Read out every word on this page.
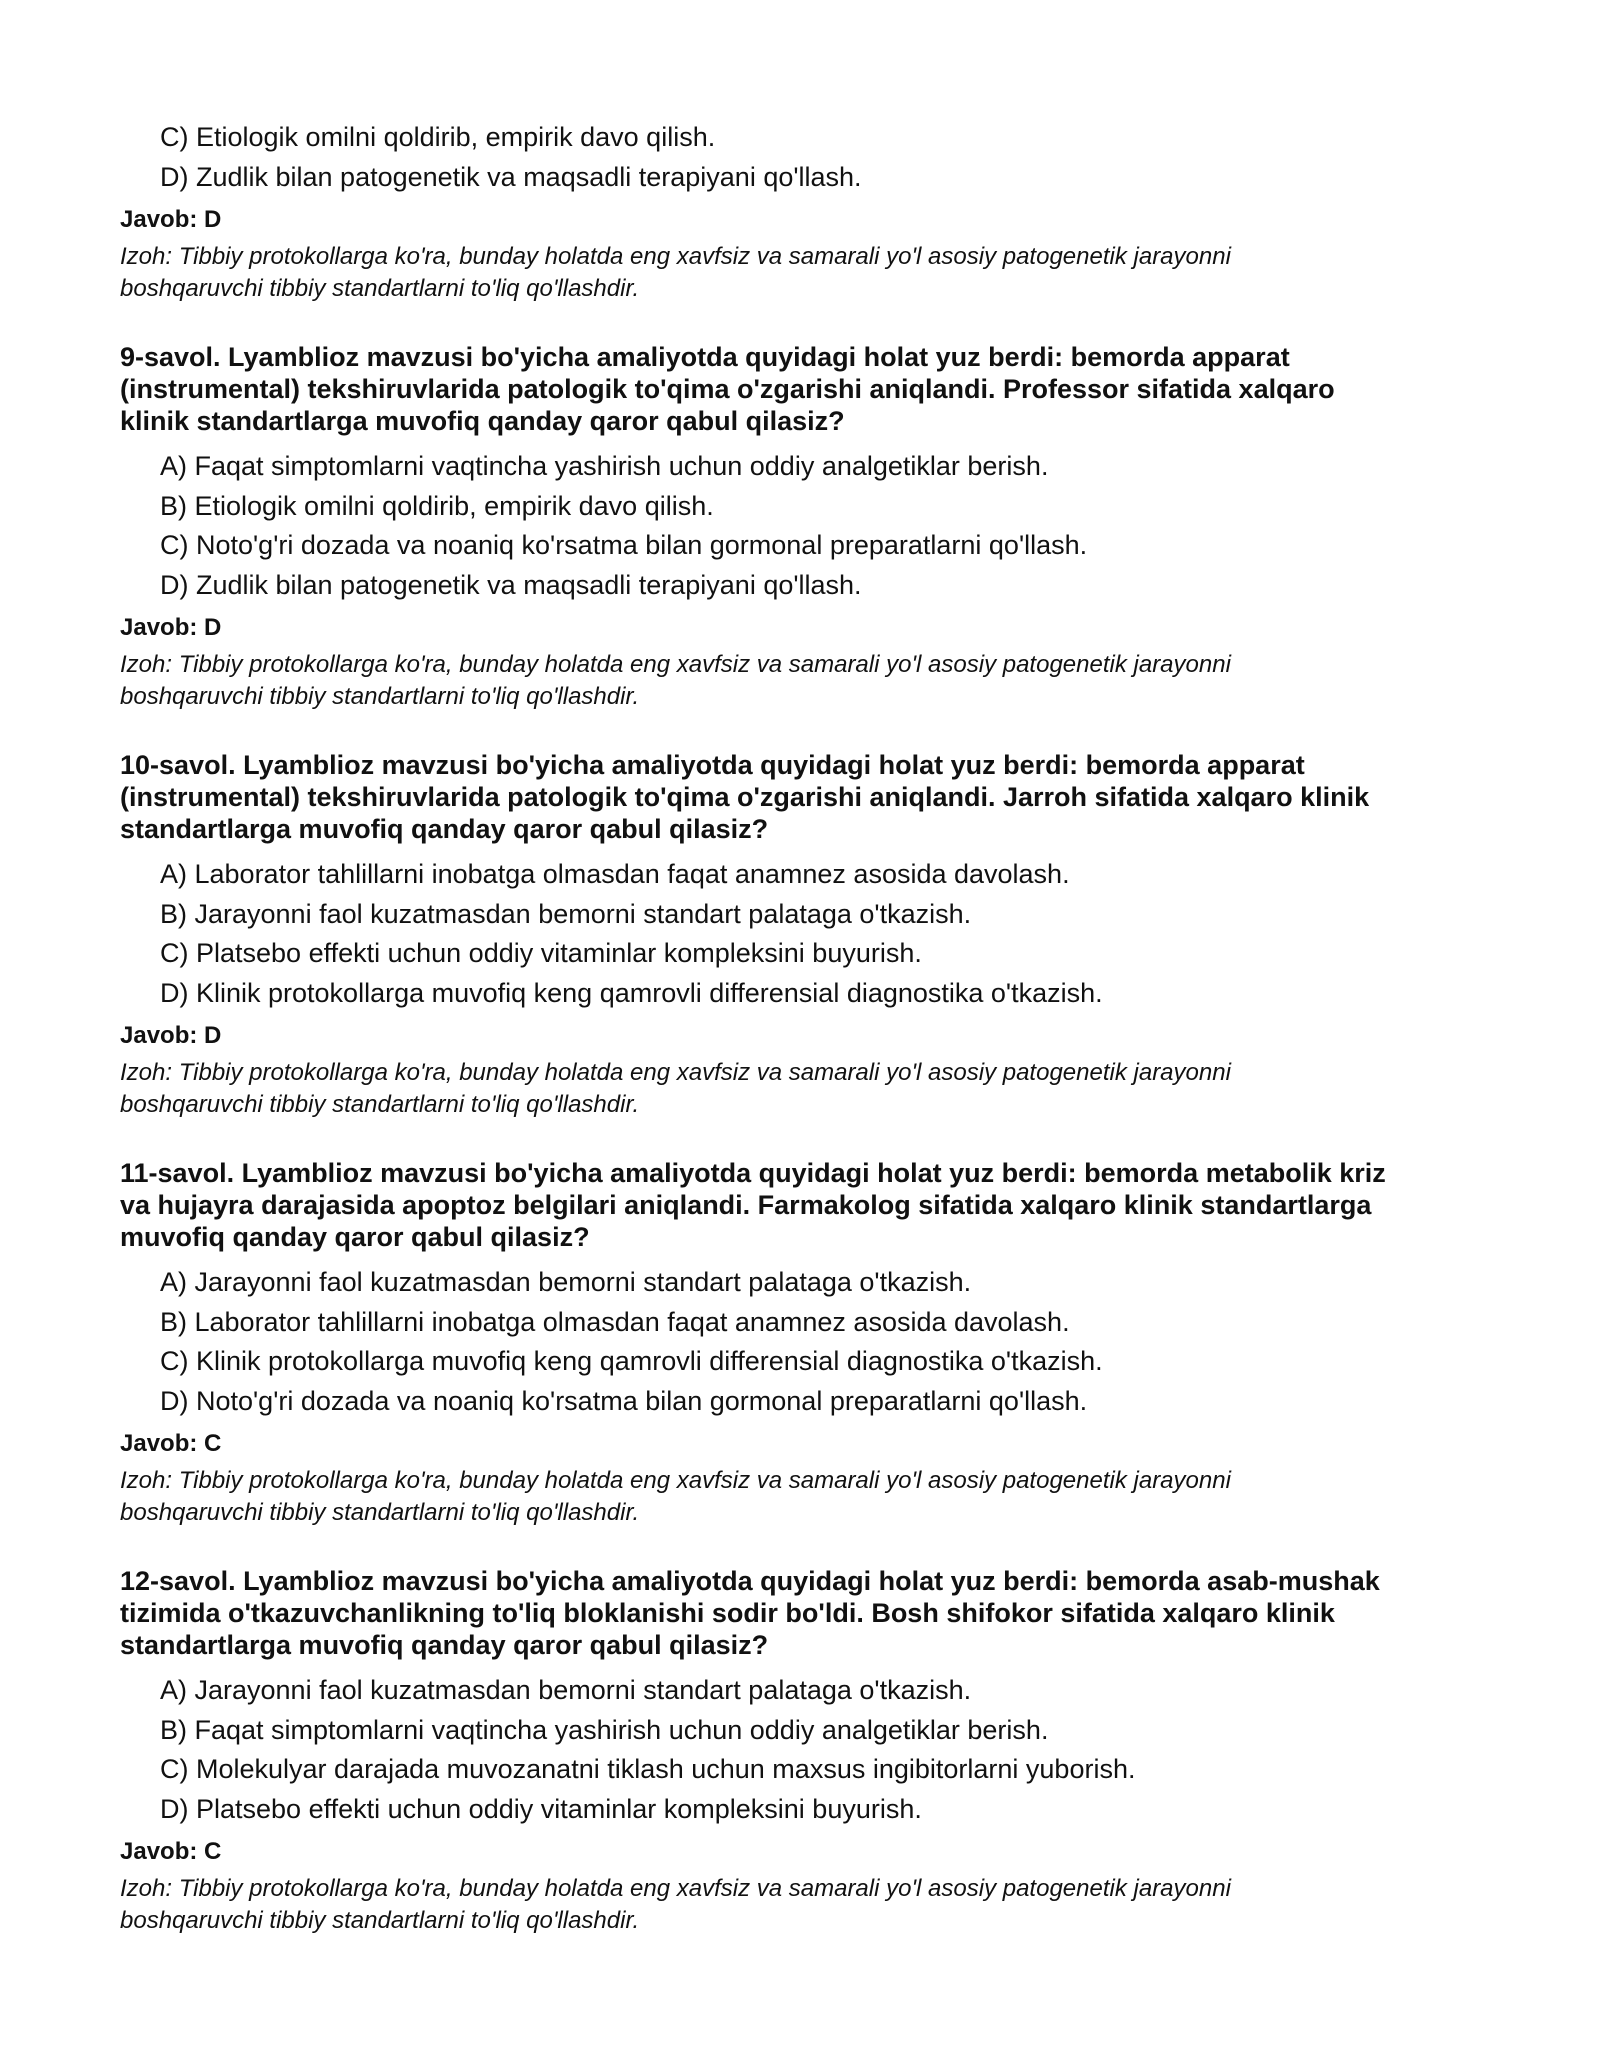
C) Etiologik omilni qoldirib, empirik davo qilish.
D) Zudlik bilan patogenetik va maqsadli terapiyani qo'llash.

Javob: D

Izoh: Tibbiy protokollarga ko'ra, bunday holatda eng xavfsiz va samarali yo'l asosiy patogenetik jarayonni
boshqaruvchi tibbiy standartlarni to'liq qo'llashdir.

9-savol. Lyamblioz mavzusi bo'yicha amaliyotda quyidagi holat yuz berdi: bemorda apparat
(instrumental) tekshiruvlarida patologik to'qima o'zgarishi aniqlandi. Professor sifatida xalqaro
klinik standartlarga muvofiq qanday qaror qabul qilasiz?

A) Faqat simptomlarni vaqtincha yashirish uchun oddiy analgetiklar berish.
B) Etiologik omilni qoldirib, empirik davo qilish.
C) Noto'g'ri dozada va noaniq ko'rsatma bilan gormonal preparatlarni qo'llash.
D) Zudlik bilan patogenetik va maqsadli terapiyani qo'llash.

Javob: D

Izoh: Tibbiy protokollarga ko'ra, bunday holatda eng xavfsiz va samarali yo'l asosiy patogenetik jarayonni
boshqaruvchi tibbiy standartlarni to'liq qo'llashdir.

10-savol. Lyamblioz mavzusi bo'yicha amaliyotda quyidagi holat yuz berdi: bemorda apparat
(instrumental) tekshiruvlarida patologik to'qima o'zgarishi aniqlandi. Jarroh sifatida xalqaro klinik
standartlarga muvofiq qanday qaror qabul qilasiz?

A) Laborator tahlillarni inobatga olmasdan faqat anamnez asosida davolash.
B) Jarayonni faol kuzatmasdan bemorni standart palataga o'tkazish.
C) Platsebo effekti uchun oddiy vitaminlar kompleksini buyurish.
D) Klinik protokollarga muvofiq keng qamrovli differensial diagnostika o'tkazish.

Javob: D

Izoh: Tibbiy protokollarga ko'ra, bunday holatda eng xavfsiz va samarali yo'l asosiy patogenetik jarayonni
boshqaruvchi tibbiy standartlarni to'liq qo'llashdir.

11-savol. Lyamblioz mavzusi bo'yicha amaliyotda quyidagi holat yuz berdi: bemorda metabolik kriz
va hujayra darajasida apoptoz belgilari aniqlandi. Farmakolog sifatida xalqaro klinik standartlarga
muvofiq qanday qaror qabul qilasiz?

A) Jarayonni faol kuzatmasdan bemorni standart palataga o'tkazish.
B) Laborator tahlillarni inobatga olmasdan faqat anamnez asosida davolash.
C) Klinik protokollarga muvofiq keng qamrovli differensial diagnostika o'tkazish.
D) Noto'g'ri dozada va noaniq ko'rsatma bilan gormonal preparatlarni qo'llash.

Javob: C

Izoh: Tibbiy protokollarga ko'ra, bunday holatda eng xavfsiz va samarali yo'l asosiy patogenetik jarayonni
boshqaruvchi tibbiy standartlarni to'liq qo'llashdir.

12-savol. Lyamblioz mavzusi bo'yicha amaliyotda quyidagi holat yuz berdi: bemorda asab-mushak
tizimida o'tkazuvchanlikning to'liq bloklanishi sodir bo'ldi. Bosh shifokor sifatida xalqaro klinik
standartlarga muvofiq qanday qaror qabul qilasiz?

A) Jarayonni faol kuzatmasdan bemorni standart palataga o'tkazish.
B) Faqat simptomlarni vaqtincha yashirish uchun oddiy analgetiklar berish.
C) Molekulyar darajada muvozanatni tiklash uchun maxsus ingibitorlarni yuborish.
D) Platsebo effekti uchun oddiy vitaminlar kompleksini buyurish.

Javob: C

Izoh: Tibbiy protokollarga ko'ra, bunday holatda eng xavfsiz va samarali yo'l asosiy patogenetik jarayonni
boshqaruvchi tibbiy standartlarni to'liq qo'llashdir.
